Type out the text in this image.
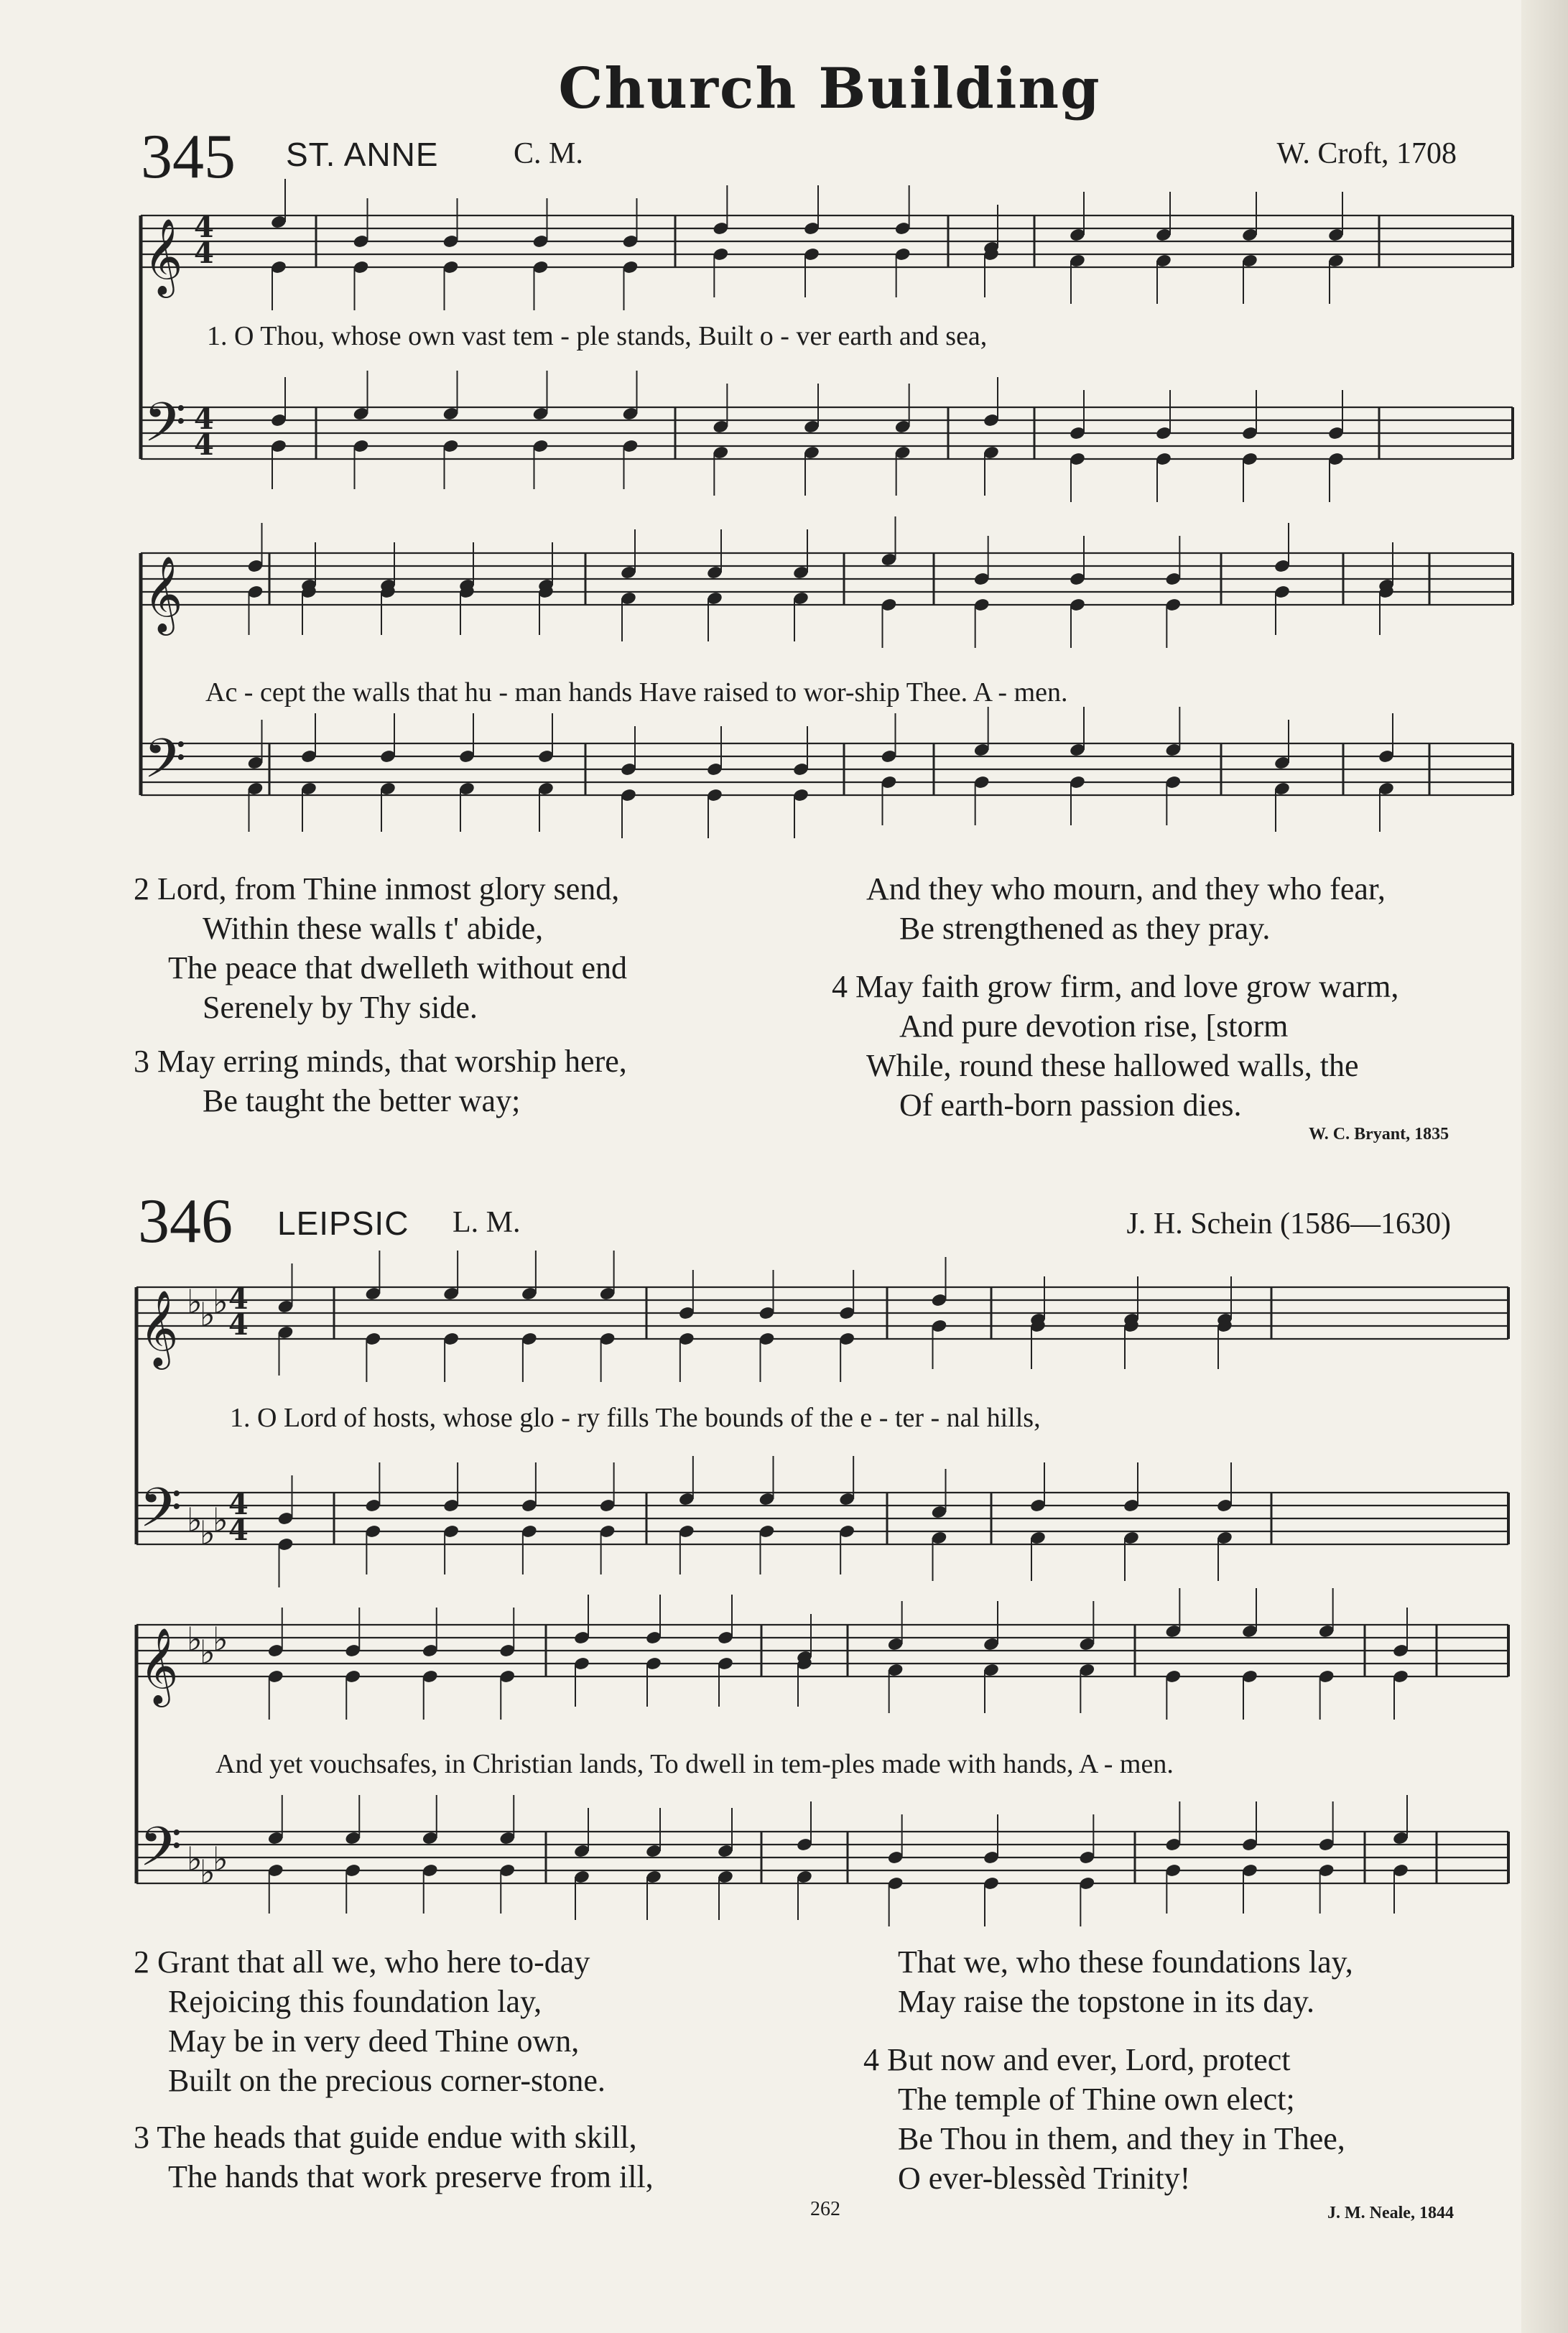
Church Building
345 ST. ANNE C. M.	W. Croft, 1708
𝄞
𝄢
4
4
4
4
𝄞
𝄢
𝄞
𝄢
♭
♭
♭
♭
♭
♭
4
4
4
4
𝄞
𝄢
♭
♭
♭
♭
♭
♭
1. O Thou, whose own vast tem - ple stands, Built o - ver earth and sea,
Ac - cept the walls that hu - man hands Have raised to wor-ship Thee. A - men.
2 Lord, from Thine inmost glory send,
Within these walls t' abide,
The peace that dwelleth without end
Serenely by Thy side.
3 May erring minds, that worship here,
Be taught the better way;
And they who mourn, and they who fear,
Be strengthened as they pray.
4 May faith grow firm, and love grow warm,
And pure devotion rise, [storm
While, round these hallowed walls, the
Of earth-born passion dies.
W. C. Bryant, 1835
346 LEIPSIC L. M.	J. H. Schein (1586—1630)
1. O Lord of hosts, whose glo - ry fills The bounds of the e - ter - nal hills,
And yet vouchsafes, in Christian lands, To dwell in tem-ples made with hands, A - men.
2 Grant that all we, who here to-day
Rejoicing this foundation lay,
May be in very deed Thine own,
Built on the precious corner-stone.
3 The heads that guide endue with skill,
The hands that work preserve from ill,
That we, who these foundations lay,
May raise the topstone in its day.
4 But now and ever, Lord, protect
The temple of Thine own elect;
Be Thou in them, and they in Thee,
O ever-blessèd Trinity!
J. M. Neale, 1844
262
